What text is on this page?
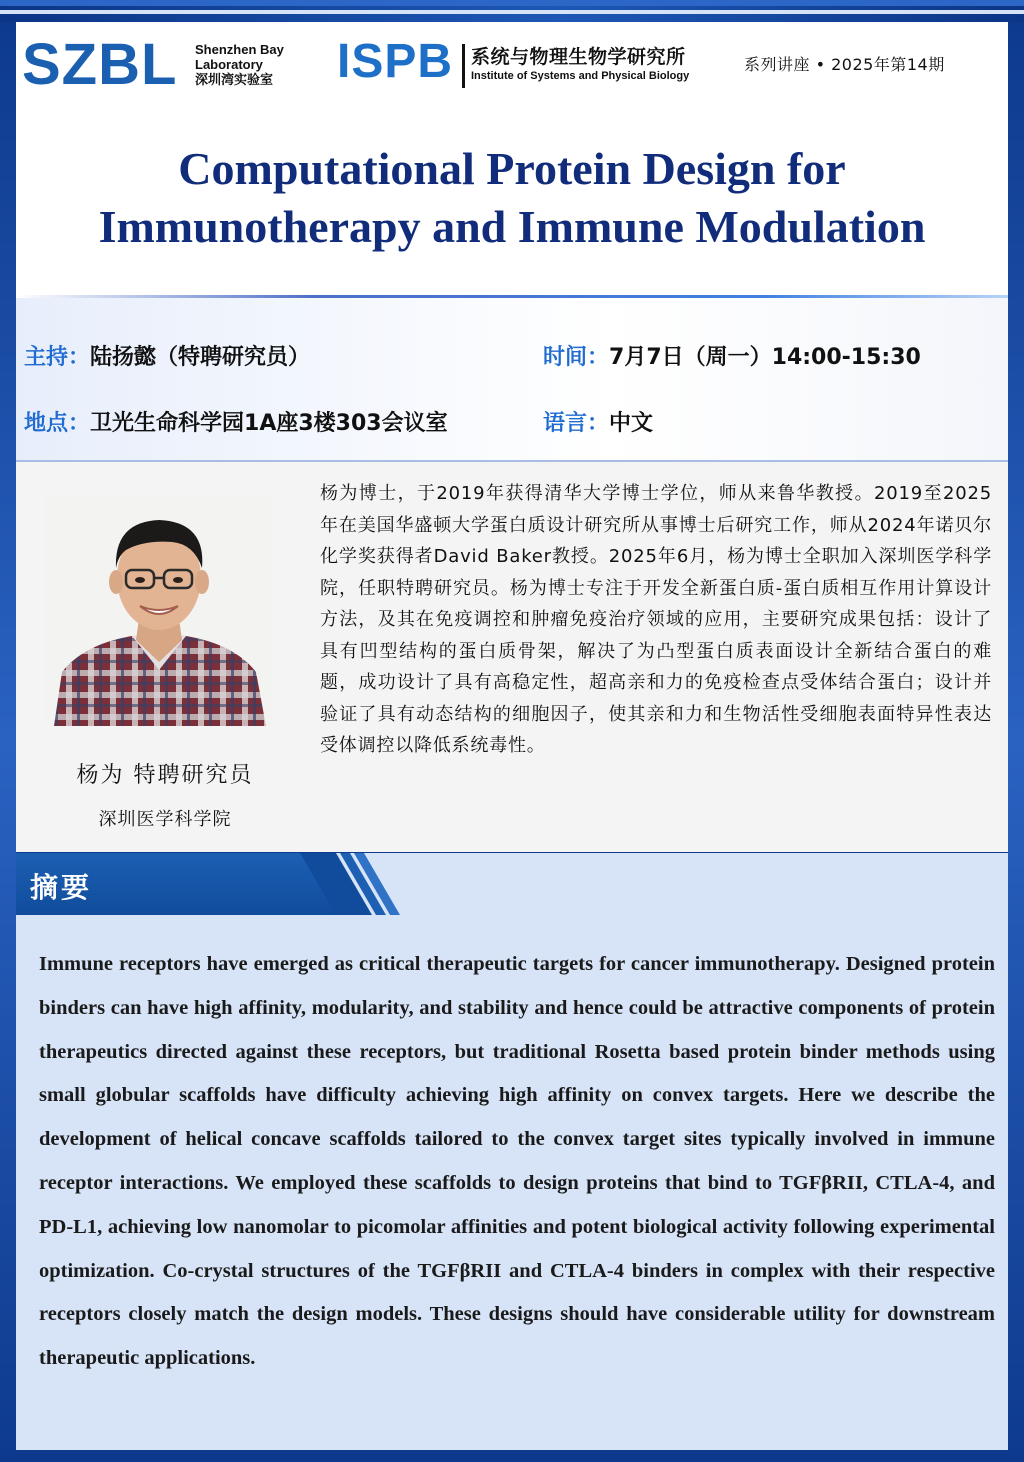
SZBL	Shenzhen Bay
Laboratory
深圳湾实验室	ISPB 系统与物理生物学研究所
Institute of Systems and Physical Biology
系列讲座 • 2025年第14期
Computational Protein Design for
Immunotherapy and Immune Modulation
主持：陆扬懿（特聘研究员）	时间：7月7日（周一）14:00-15:30
地点：卫光生命科学园1A座3楼303会议室	语言：中文
杨为 特聘研究员
深圳医学科学院
杨为博士，于2019年获得清华大学博士学位，师从来鲁华教授。2019至2025年在美国华盛顿大学蛋白质设计研究所从事博士后研究工作，师从2024年诺贝尔化学奖获得者David Baker教授。2025年6月，杨为博士全职加入深圳医学科学院，任职特聘研究员。杨为博士专注于开发全新蛋白质-蛋白质相互作用计算设计方法，及其在免疫调控和肿瘤免疫治疗领域的应用，主要研究成果包括：设计了具有凹型结构的蛋白质骨架，解决了为凸型蛋白质表面设计全新结合蛋白的难题，成功设计了具有高稳定性，超高亲和力的免疫检查点受体结合蛋白；设计并验证了具有动态结构的细胞因子，使其亲和力和生物活性受细胞表面特异性表达受体调控以降低系统毒性。
摘要
Immune receptors have emerged as critical therapeutic targets for cancer immunotherapy. Designed protein binders can have high affinity, modularity, and stability and hence could be attractive components of protein therapeutics directed against these receptors, but traditional Rosetta based protein binder methods using small globular scaffolds have difficulty achieving high affinity on convex targets. Here we describe the development of helical concave scaffolds tailored to the convex target sites typically involved in immune receptor interactions. We employed these scaffolds to design proteins that bind to TGFβRII, CTLA-4, and PD-L1, achieving low nanomolar to picomolar affinities and potent biological activity following experimental optimization. Co-crystal structures of the TGFβRII and CTLA-4 binders in complex with their respective receptors closely match the design models. These designs should have considerable utility for downstream therapeutic applications.
